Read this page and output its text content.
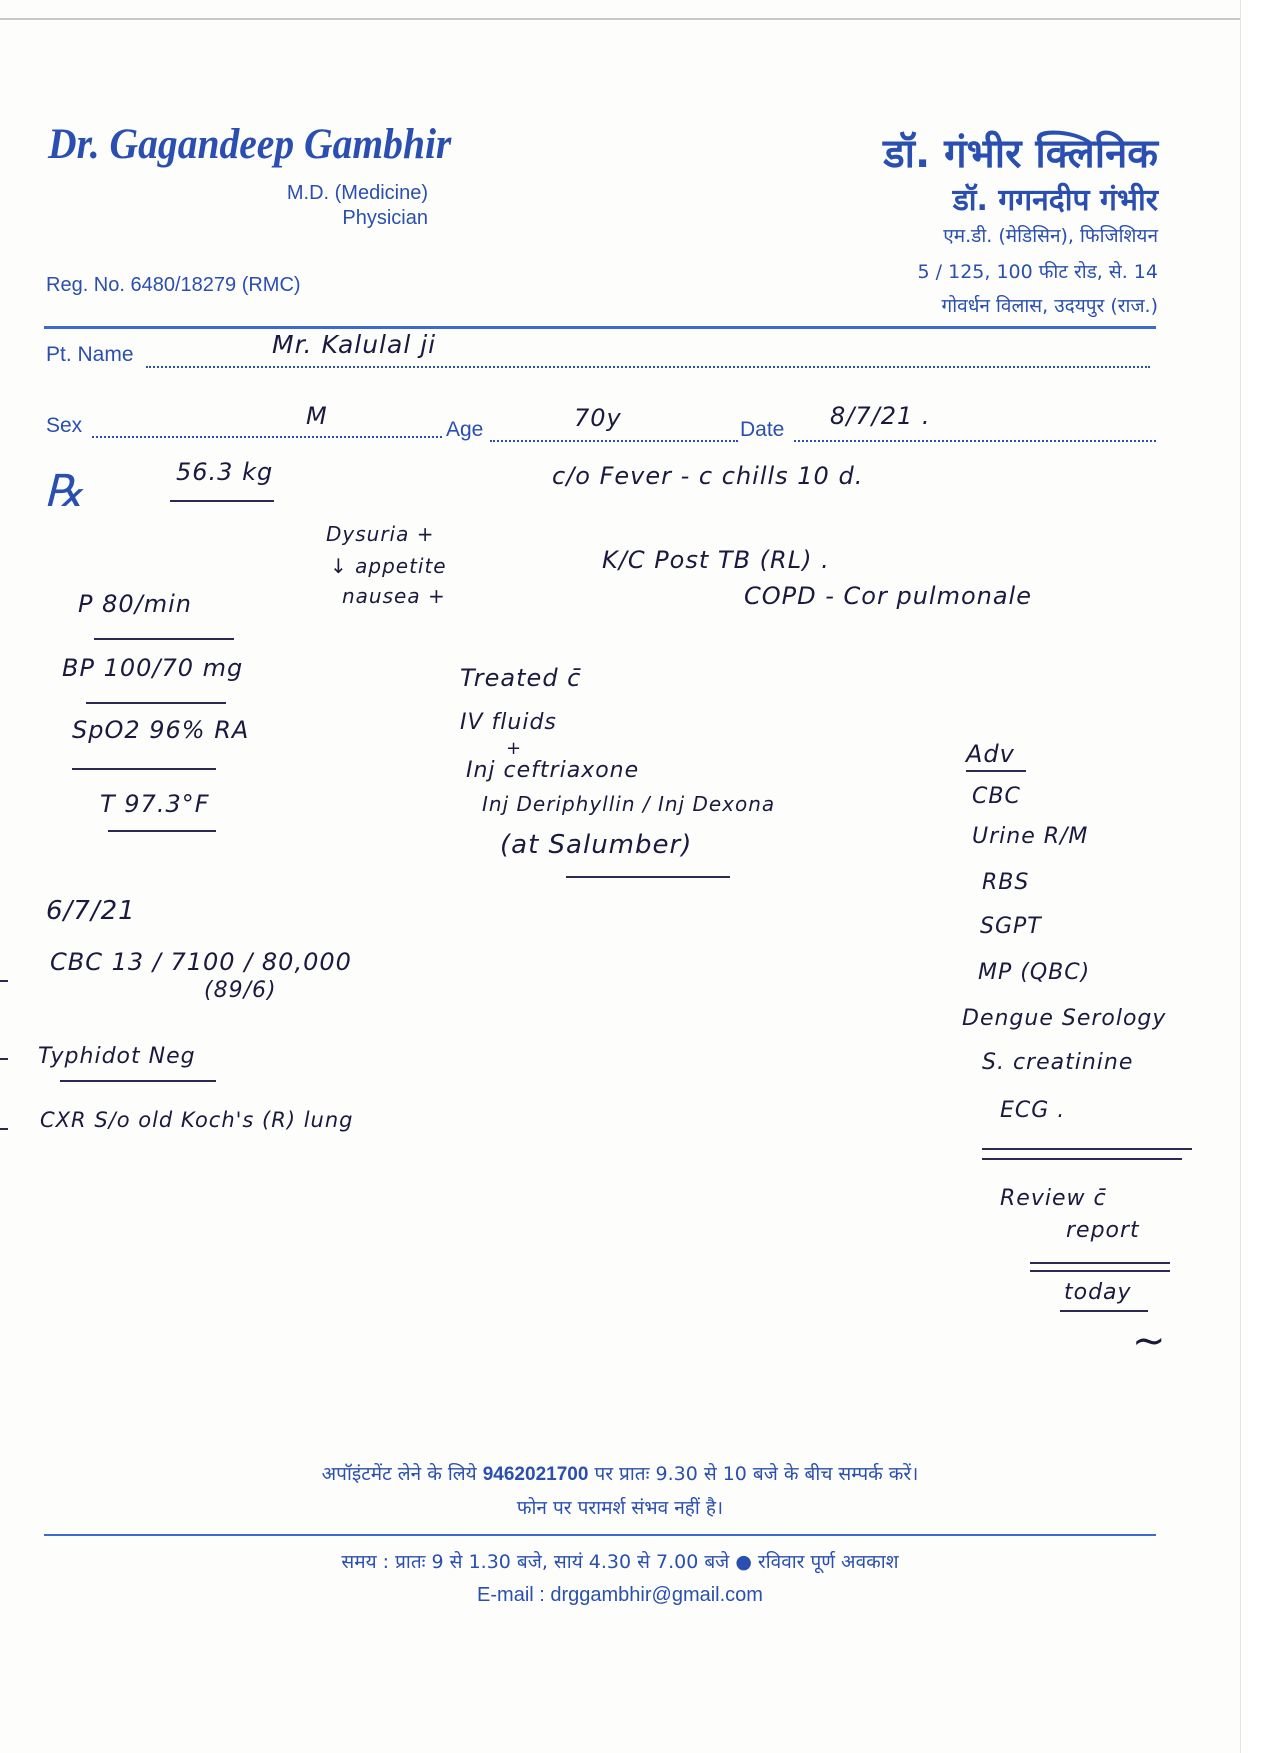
Dr. Gagandeep Gambhir
M.D. (Medicine)
Physician
Reg. No. 6480/18279 (RMC)
डॉ. गंभीर क्लिनिक
डॉ. गगनदीप गंभीर
एम.डी. (मेडिसिन), फिजिशियन
5 / 125, 100 फीट रोड, से. 14
गोवर्धन विलास, उदयपुर (राज.)
Pt. Name	Mr. Kalulal ji
Sex	M	Age	70y	Date 8/7/21 .
℞	56.3 kg	c/o Fever - c chills 10 d.
Dysuria +
↓ appetite
nausea +
K/C Post TB (RL) .
COPD - Cor pulmonale
P 80/min
BP 100/70 mg
SpO2 96% RA
T 97.3°F
Treated c̄
IV fluids
+
Inj ceftriaxone
Inj Deriphyllin / Inj Dexona
(at Salumber)
6/7/21
CBC 13 / 7100 / 80,000
(89/6)
Typhidot Neg
CXR S/o old Koch's (R) lung
Adv
CBC
Urine R/M
RBS
SGPT
MP (QBC)
Dengue Serology
S. creatinine
ECG .
Review c̄
report
today
~
अपॉइंटमेंट लेने के लिये 9462021700 पर प्रातः 9.30 से 10 बजे के बीच सम्पर्क करें।
फोन पर परामर्श संभव नहीं है।
समय : प्रातः 9 से 1.30 बजे, सायं 4.30 से 7.00 बजे ● रविवार पूर्ण अवकाश
E-mail : drggambhir@gmail.com
